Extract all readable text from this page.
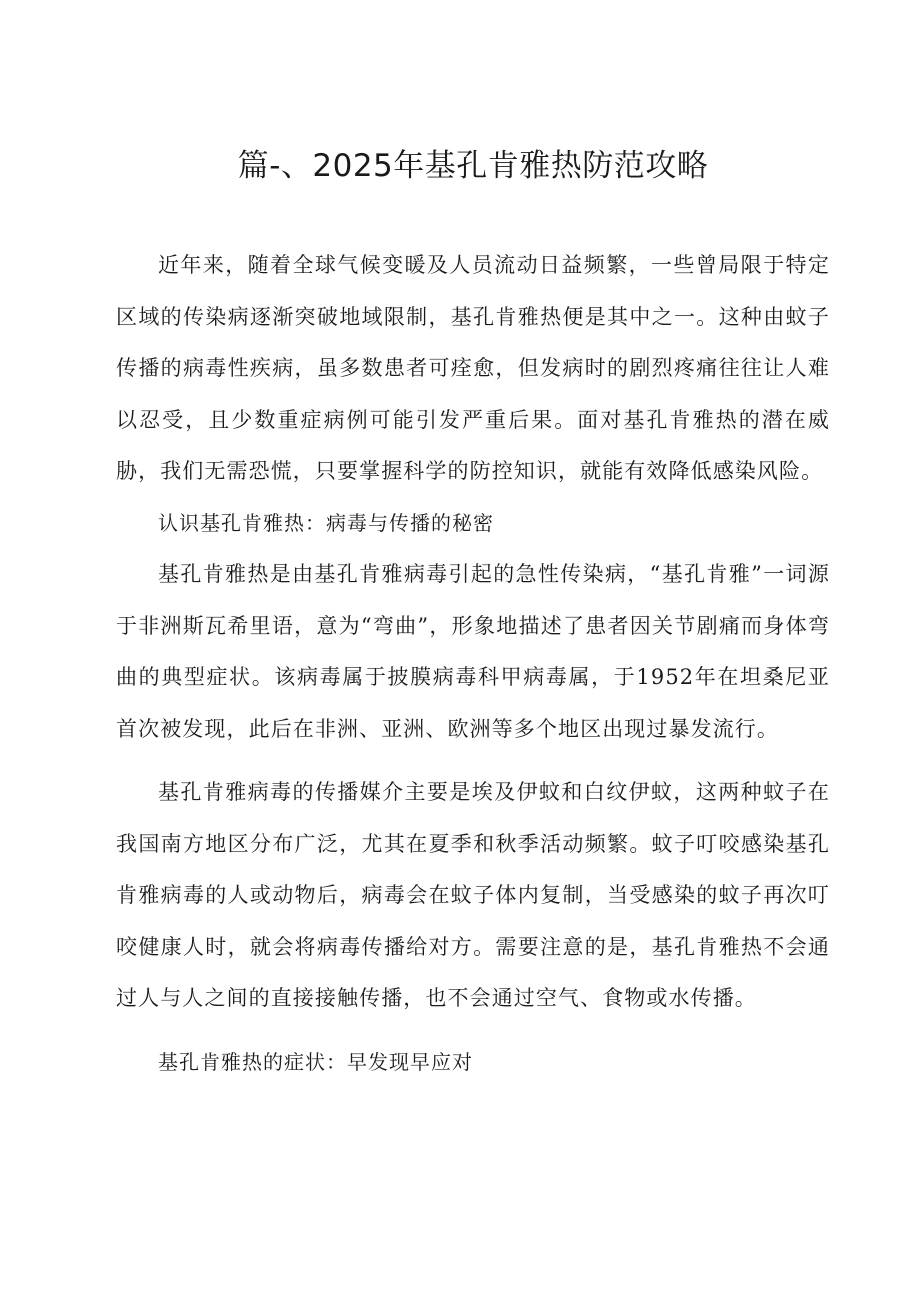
篇-、2025年基孔肯雅热防范攻略

近年来，随着全球气候变暖及人员流动日益频繁，一些曾局限于特定区域的传染病逐渐突破地域限制，基孔肯雅热便是其中之一。这种由蚊子传播的病毒性疾病，虽多数患者可痊愈，但发病时的剧烈疼痛往往让人难以忍受，且少数重症病例可能引发严重后果。面对基孔肯雅热的潜在威胁，我们无需恐慌，只要掌握科学的防控知识，就能有效降低感染风险。

认识基孔肯雅热：病毒与传播的秘密

基孔肯雅热是由基孔肯雅病毒引起的急性传染病，“基孔肯雅”一词源于非洲斯瓦希里语，意为“弯曲”，形象地描述了患者因关节剧痛而身体弯曲的典型症状。该病毒属于披膜病毒科甲病毒属，于1952年在坦桑尼亚首次被发现，此后在非洲、亚洲、欧洲等多个地区出现过暴发流行。

基孔肯雅病毒的传播媒介主要是埃及伊蚊和白纹伊蚊，这两种蚊子在我国南方地区分布广泛，尤其在夏季和秋季活动频繁。蚊子叮咬感染基孔肯雅病毒的人或动物后，病毒会在蚊子体内复制，当受感染的蚊子再次叮咬健康人时，就会将病毒传播给对方。需要注意的是，基孔肯雅热不会通过人与人之间的直接接触传播，也不会通过空气、食物或水传播。

基孔肯雅热的症状：早发现早应对
